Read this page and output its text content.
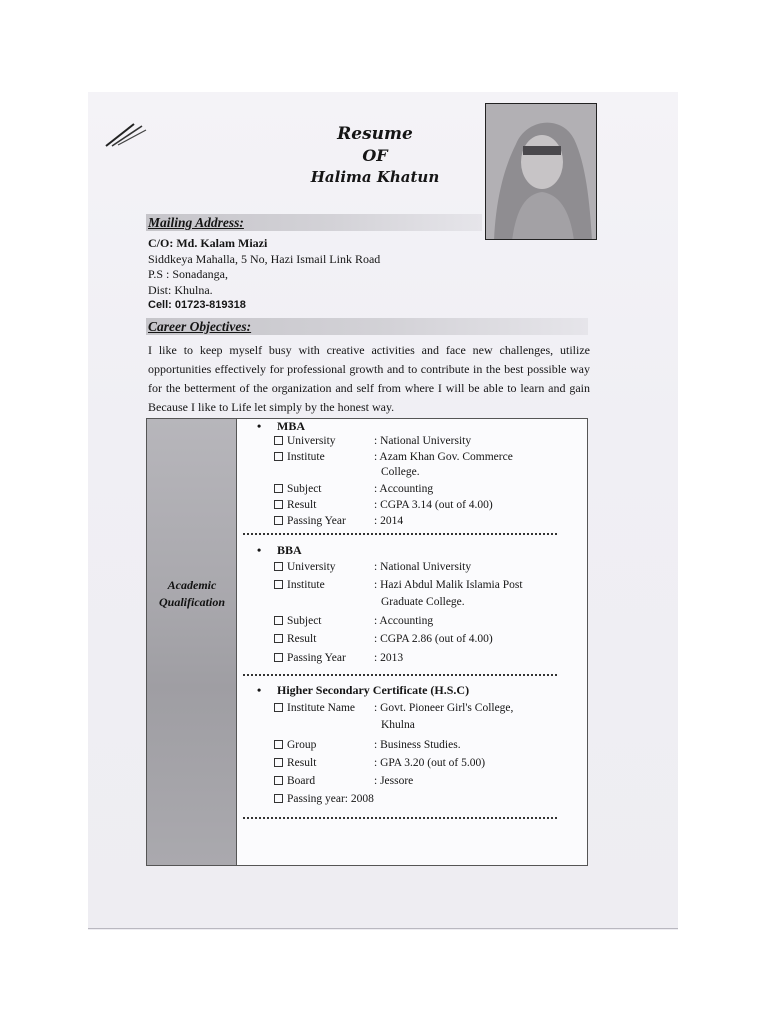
Resume
OF
Halima Khatun
Mailing Address:
C/O: Md. Kalam Miazi
Siddkeya Mahalla, 5 No, Hazi Ismail Link Road
P.S : Sonadanga,
Dist: Khulna.
Cell: 01723-819318
Career Objectives:
I like to keep myself busy with creative activities and face new challenges, utilize opportunities effectively for professional growth and to contribute in the best possible way for the betterment of the organization and self from where I will be able to learn and gain Because I like to Life let simply by the honest way.
Academic
Qualification
• MBA
University	: National University
Institute	: Azam Khan Gov. Commerce
College.
Subject	: Accounting
Result	: CGPA 3.14 (out of 4.00)
Passing Year : 2014
• BBA
University	: National University
Institute	: Hazi Abdul Malik Islamia Post
Graduate College.
Subject	: Accounting
Result	: CGPA 2.86 (out of 4.00)
Passing Year : 2013
• Higher Secondary Certificate (H.S.C)
Institute Name : Govt. Pioneer Girl's College,
Khulna
Group	: Business Studies.
Result	: GPA 3.20 (out of 5.00)
Board	: Jessore
Passing year: 2008
